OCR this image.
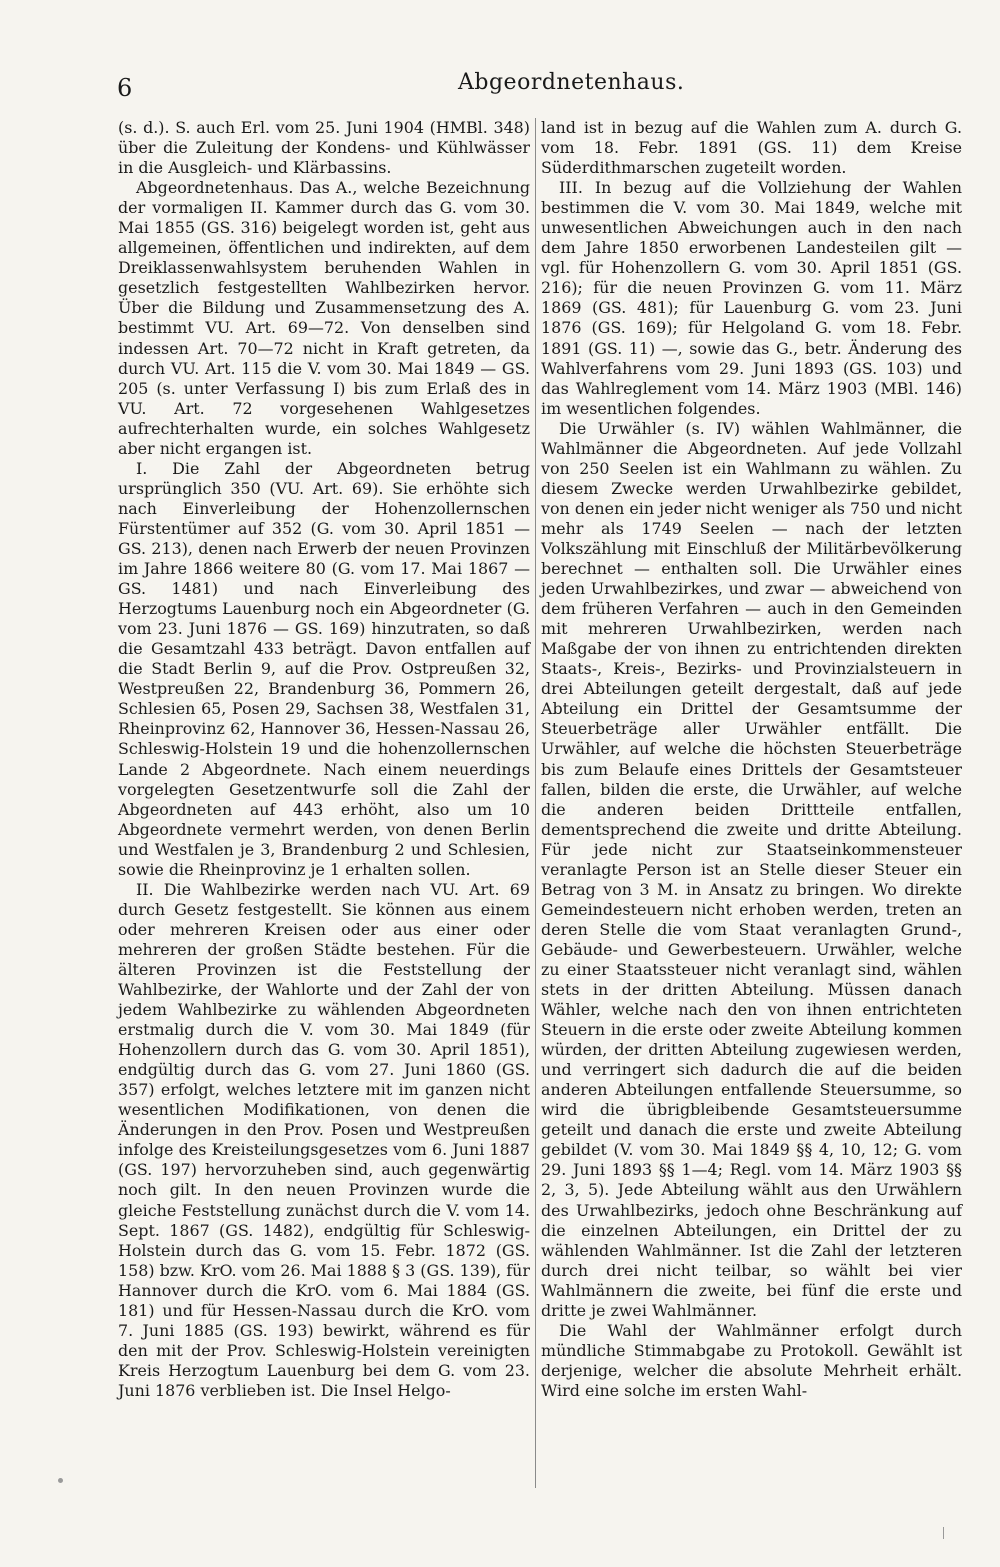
6	Abgeordnetenhaus.

(s. d.). S. auch Erl. vom 25. Juni 1904 (HMBl. 348) über die Zuleitung der Kondens- und Kühlwässer in die Ausgleich- und Klärbassins.

Abgeordnetenhaus. Das A., welche Bezeichnung der vormaligen II. Kammer durch das G. vom 30. Mai 1855 (GS. 316) beigelegt worden ist, geht aus allgemeinen, öffentlichen und indirekten, auf dem Dreiklassenwahlsystem beruhenden Wahlen in gesetzlich festgestellten Wahlbezirken hervor. Über die Bildung und Zusammensetzung des A. bestimmt VU. Art. 69—72. Von denselben sind indessen Art. 70—72 nicht in Kraft getreten, da durch VU. Art. 115 die V. vom 30. Mai 1849 — GS. 205 (s. unter Verfassung I) bis zum Erlaß des in VU. Art. 72 vorgesehenen Wahlgesetzes aufrechterhalten wurde, ein solches Wahlgesetz aber nicht ergangen ist.

I. Die Zahl der Abgeordneten betrug ursprünglich 350 (VU. Art. 69). Sie erhöhte sich nach Einverleibung der Hohenzollernschen Fürstentümer auf 352 (G. vom 30. April 1851 — GS. 213), denen nach Erwerb der neuen Provinzen im Jahre 1866 weitere 80 (G. vom 17. Mai 1867 — GS. 1481) und nach Einverleibung des Herzogtums Lauenburg noch ein Abgeordneter (G. vom 23. Juni 1876 — GS. 169) hinzutraten, so daß die Gesamtzahl 433 beträgt. Davon entfallen auf die Stadt Berlin 9, auf die Prov. Ostpreußen 32, Westpreußen 22, Brandenburg 36, Pommern 26, Schlesien 65, Posen 29, Sachsen 38, Westfalen 31, Rheinprovinz 62, Hannover 36, Hessen-Nassau 26, Schleswig-Holstein 19 und die hohenzollernschen Lande 2 Abgeordnete. Nach einem neuerdings vorgelegten Gesetzentwurfe soll die Zahl der Abgeordneten auf 443 erhöht, also um 10 Abgeordnete vermehrt werden, von denen Berlin und Westfalen je 3, Brandenburg 2 und Schlesien, sowie die Rheinprovinz je 1 erhalten sollen.

II. Die Wahlbezirke werden nach VU. Art. 69 durch Gesetz festgestellt. Sie können aus einem oder mehreren Kreisen oder aus einer oder mehreren der großen Städte bestehen. Für die älteren Provinzen ist die Feststellung der Wahlbezirke, der Wahlorte und der Zahl der von jedem Wahlbezirke zu wählenden Abgeordneten erstmalig durch die V. vom 30. Mai 1849 (für Hohenzollern durch das G. vom 30. April 1851), endgültig durch das G. vom 27. Juni 1860 (GS. 357) erfolgt, welches letztere mit im ganzen nicht wesentlichen Modifikationen, von denen die Änderungen in den Prov. Posen und Westpreußen infolge des Kreisteilungsgesetzes vom 6. Juni 1887 (GS. 197) hervorzuheben sind, auch gegenwärtig noch gilt. In den neuen Provinzen wurde die gleiche Feststellung zunächst durch die V. vom 14. Sept. 1867 (GS. 1482), endgültig für Schleswig-Holstein durch das G. vom 15. Febr. 1872 (GS. 158) bzw. KrO. vom 26. Mai 1888 § 3 (GS. 139), für Hannover durch die KrO. vom 6. Mai 1884 (GS. 181) und für Hessen-Nassau durch die KrO. vom 7. Juni 1885 (GS. 193) bewirkt, während es für den mit der Prov. Schleswig-Holstein vereinigten Kreis Herzogtum Lauenburg bei dem G. vom 23. Juni 1876 verblieben ist. Die Insel Helgo-

land ist in bezug auf die Wahlen zum A. durch G. vom 18. Febr. 1891 (GS. 11) dem Kreise Süderdithmarschen zugeteilt worden.

III. In bezug auf die Vollziehung der Wahlen bestimmen die V. vom 30. Mai 1849, welche mit unwesentlichen Abweichungen auch in den nach dem Jahre 1850 erworbenen Landesteilen gilt — vgl. für Hohenzollern G. vom 30. April 1851 (GS. 216); für die neuen Provinzen G. vom 11. März 1869 (GS. 481); für Lauenburg G. vom 23. Juni 1876 (GS. 169); für Helgoland G. vom 18. Febr. 1891 (GS. 11) —, sowie das G., betr. Änderung des Wahlverfahrens vom 29. Juni 1893 (GS. 103) und das Wahlreglement vom 14. März 1903 (MBl. 146) im wesentlichen folgendes.

Die Urwähler (s. IV) wählen Wahlmänner, die Wahlmänner die Abgeordneten. Auf jede Vollzahl von 250 Seelen ist ein Wahlmann zu wählen. Zu diesem Zwecke werden Urwahlbezirke gebildet, von denen ein jeder nicht weniger als 750 und nicht mehr als 1749 Seelen — nach der letzten Volkszählung mit Einschluß der Militärbevölkerung berechnet — enthalten soll. Die Urwähler eines jeden Urwahlbezirkes, und zwar — abweichend von dem früheren Verfahren — auch in den Gemeinden mit mehreren Urwahlbezirken, werden nach Maßgabe der von ihnen zu entrichtenden direkten Staats-, Kreis-, Bezirks- und Provinzialsteuern in drei Abteilungen geteilt dergestalt, daß auf jede Abteilung ein Drittel der Gesamtsumme der Steuerbeträge aller Urwähler entfällt. Die Urwähler, auf welche die höchsten Steuerbeträge bis zum Belaufe eines Drittels der Gesamtsteuer fallen, bilden die erste, die Urwähler, auf welche die anderen beiden Drittteile entfallen, dementsprechend die zweite und dritte Abteilung. Für jede nicht zur Staatseinkommensteuer veranlagte Person ist an Stelle dieser Steuer ein Betrag von 3 M. in Ansatz zu bringen. Wo direkte Gemeindesteuern nicht erhoben werden, treten an deren Stelle die vom Staat veranlagten Grund-, Gebäude- und Gewerbesteuern. Urwähler, welche zu einer Staatssteuer nicht veranlagt sind, wählen stets in der dritten Abteilung. Müssen danach Wähler, welche nach den von ihnen entrichteten Steuern in die erste oder zweite Abteilung kommen würden, der dritten Abteilung zugewiesen werden, und verringert sich dadurch die auf die beiden anderen Abteilungen entfallende Steuersumme, so wird die übrigbleibende Gesamtsteuersumme geteilt und danach die erste und zweite Abteilung gebildet (V. vom 30. Mai 1849 §§ 4, 10, 12; G. vom 29. Juni 1893 §§ 1—4; Regl. vom 14. März 1903 §§ 2, 3, 5). Jede Abteilung wählt aus den Urwählern des Urwahlbezirks, jedoch ohne Beschränkung auf die einzelnen Abteilungen, ein Drittel der zu wählenden Wahlmänner. Ist die Zahl der letzteren durch drei nicht teilbar, so wählt bei vier Wahlmännern die zweite, bei fünf die erste und dritte je zwei Wahlmänner.

Die Wahl der Wahlmänner erfolgt durch mündliche Stimmabgabe zu Protokoll. Gewählt ist derjenige, welcher die absolute Mehrheit erhält. Wird eine solche im ersten Wahl-
